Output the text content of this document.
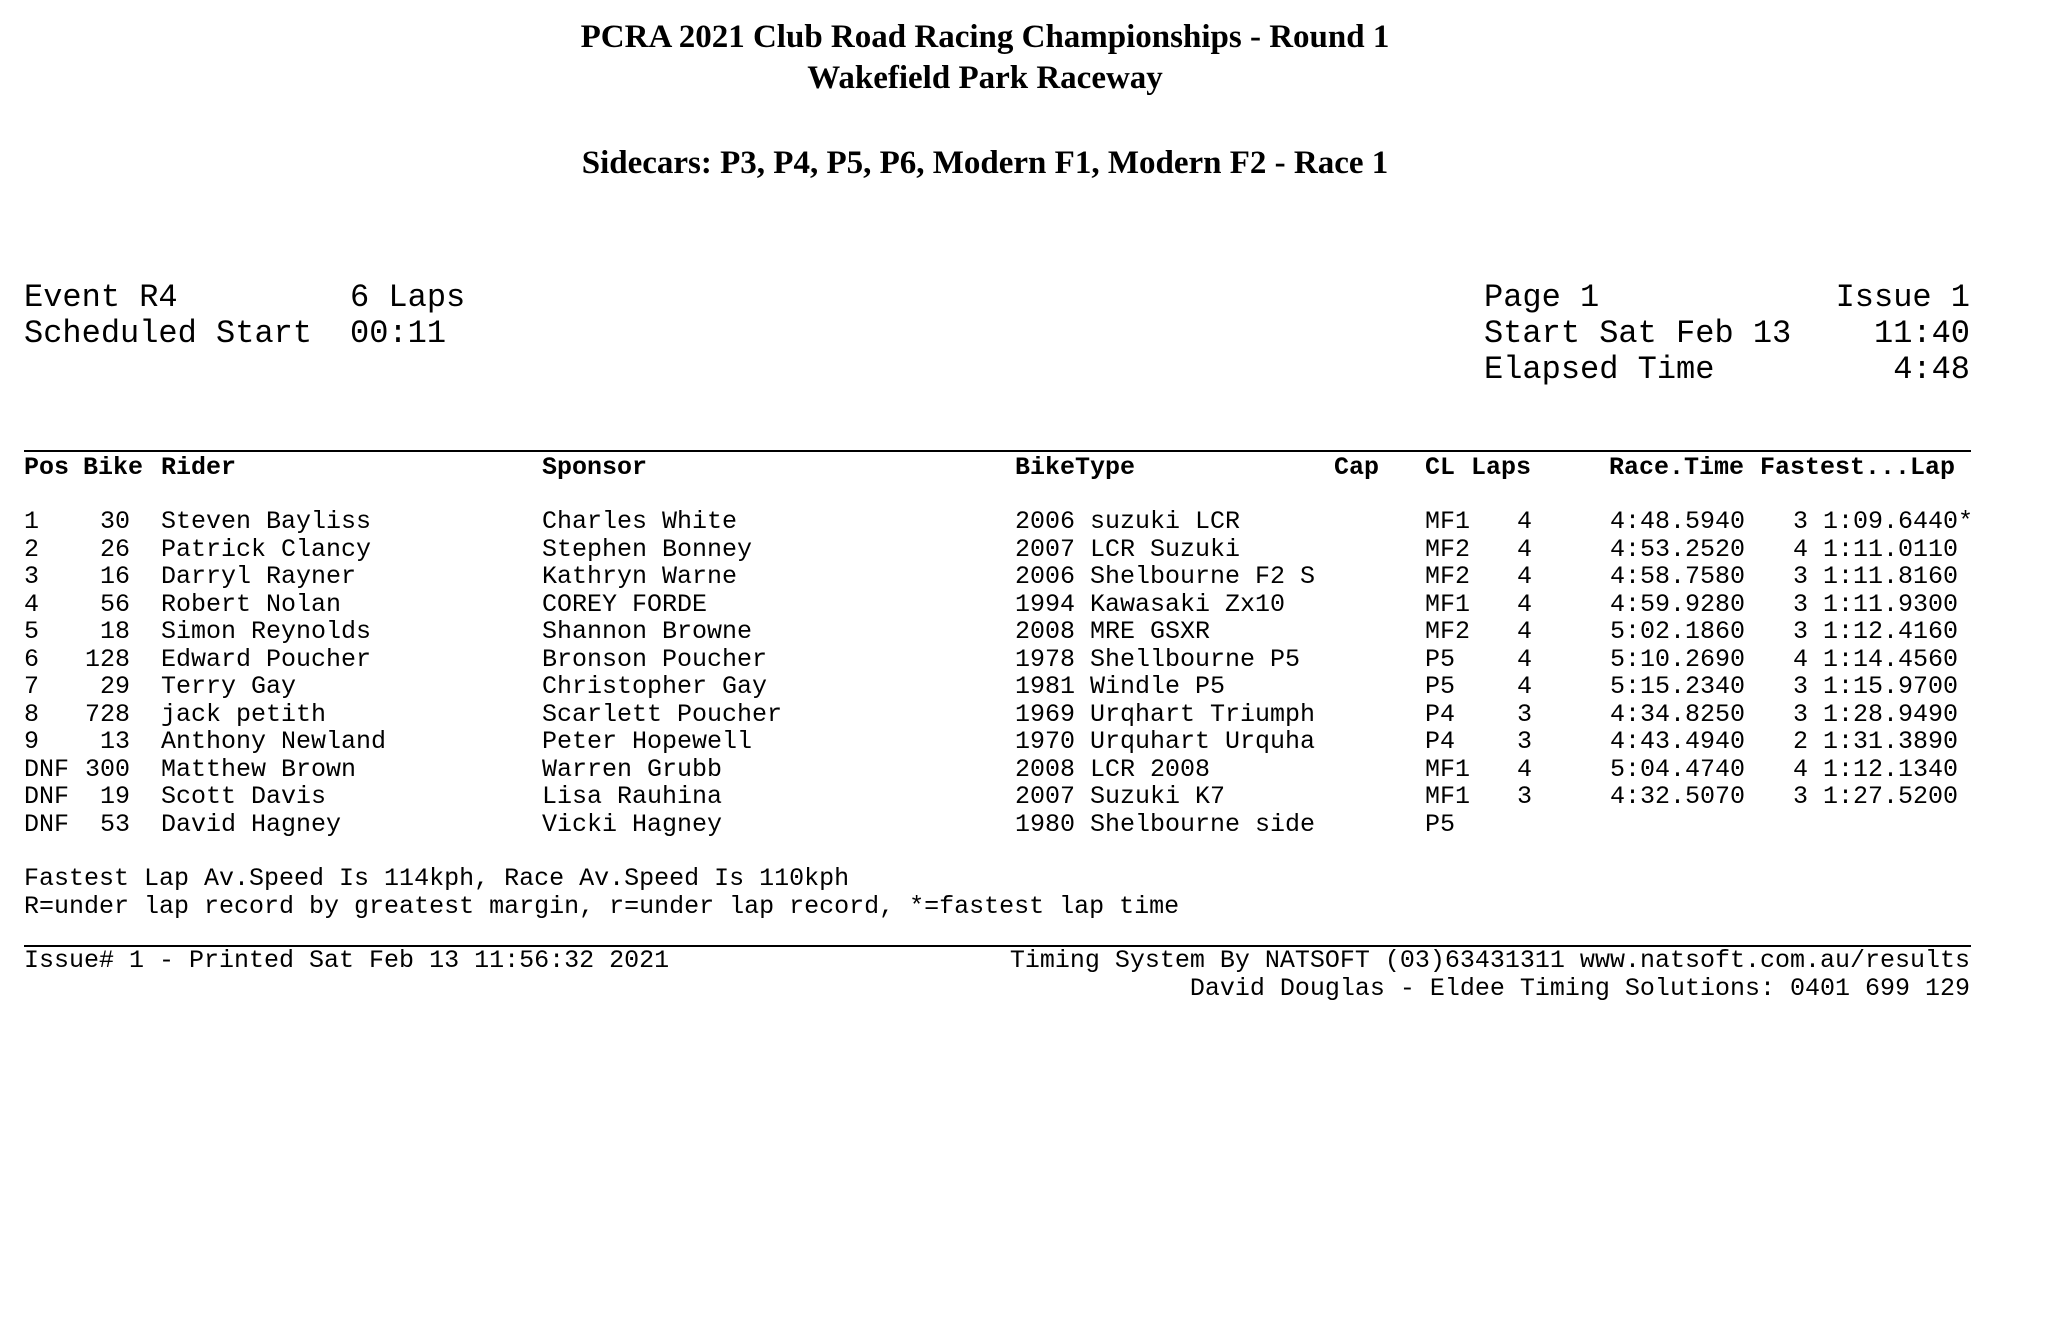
PCRA 2021 Club Road Racing Championships - Round 1
Wakefield Park Raceway
Sidecars: P3, P4, P5, P6, Modern F1, Modern F2 - Race 1
Event R4	6 Laps
Scheduled Start 00:11
Page 1	Issue 1
Start Sat Feb 13	11:40
Elapsed Time	4:48
Pos Bike Rider	Sponsor	BikeType	Cap CL Laps	Race.Time Fastest...Lap
1	30 Steven Bayliss	Charles White	2006 suzuki LCR	MF1	4	4:48.5940 3 1:09.6440*
2	26 Patrick Clancy	Stephen Bonney	2007 LCR Suzuki	MF2	4	4:53.2520 4 1:11.0110
3	16 Darryl Rayner	Kathryn Warne	2006 Shelbourne F2 S	MF2	4	4:58.7580 3 1:11.8160
4	56 Robert Nolan	COREY FORDE	1994 Kawasaki Zx10	MF1	4	4:59.9280 3 1:11.9300
5	18 Simon Reynolds	Shannon Browne	2008 MRE GSXR	MF2	4	5:02.1860 3 1:12.4160
6 128 Edward Poucher	Bronson Poucher	1978 Shellbourne P5	P5	4	5:10.2690 4 1:14.4560
7	29 Terry Gay	Christopher Gay	1981 Windle P5	P5	4	5:15.2340 3 1:15.9700
8 728 jack petith	Scarlett Poucher	1969 Urqhart Triumph	P4	3	4:34.8250 3 1:28.9490
9	13 Anthony Newland	Peter Hopewell	1970 Urquhart Urquha	P4	3	4:43.4940 2 1:31.3890
DNF 300 Matthew Brown	Warren Grubb	2008 LCR 2008	MF1	4	5:04.4740 4 1:12.1340
DNF	19 Scott Davis	Lisa Rauhina	2007 Suzuki K7	MF1	3	4:32.5070 3 1:27.5200
DNF	53 David Hagney	Vicki Hagney	1980 Shelbourne side	P5
Fastest Lap Av.Speed Is 114kph, Race Av.Speed Is 110kph
R=under lap record by greatest margin, r=under lap record, *=fastest lap time
Issue# 1 - Printed Sat Feb 13 11:56:32 2021	Timing System By NATSOFT (03)63431311 www.natsoft.com.au/results
David Douglas - Eldee Timing Solutions: 0401 699 129
